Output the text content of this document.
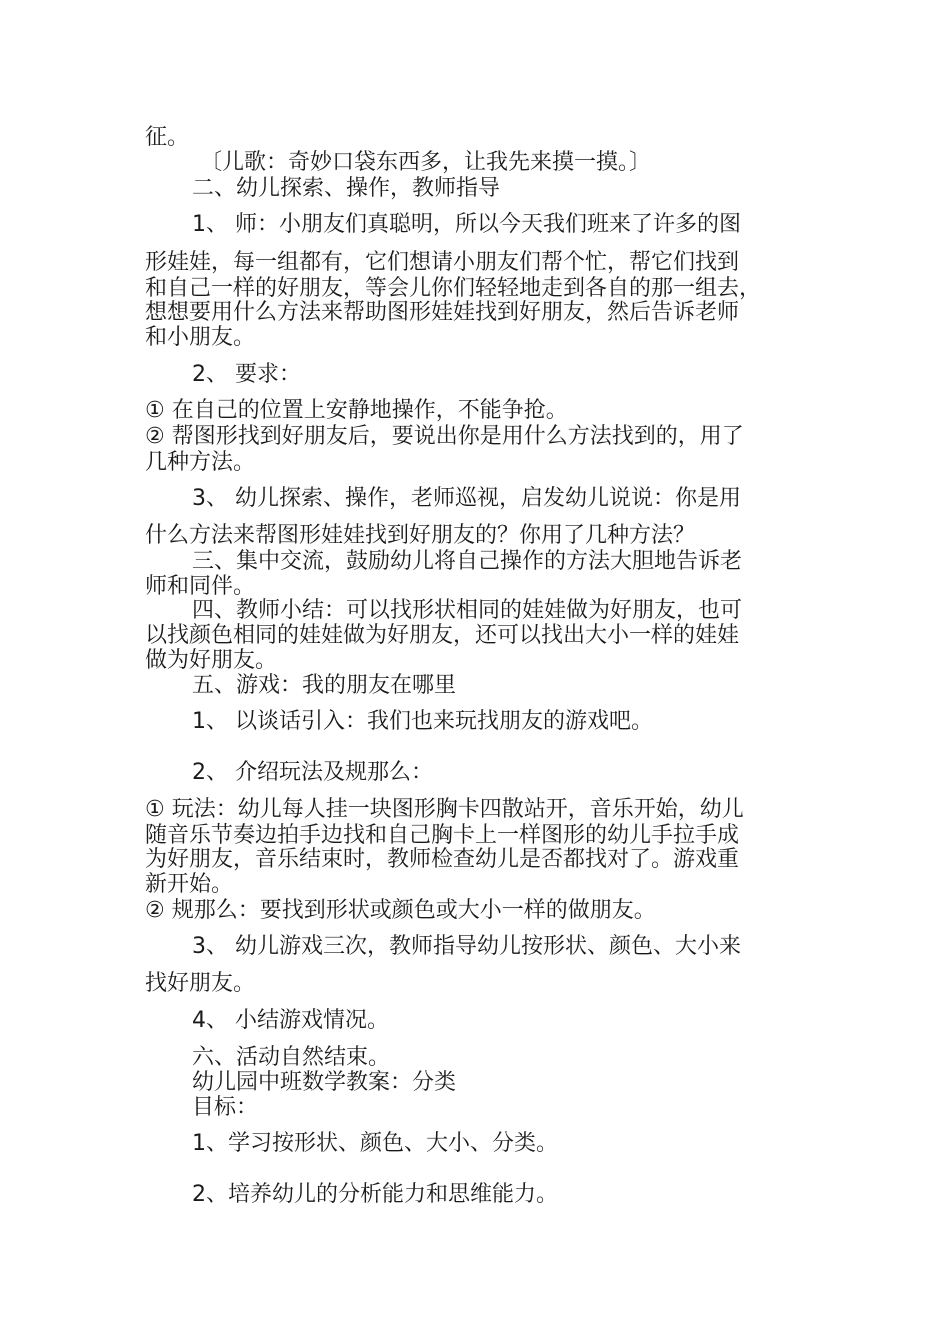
征。
〔儿歌：奇妙口袋东西多，让我先来摸一摸。〕
二、幼儿探索、操作，教师指导
1、 师：小朋友们真聪明，所以今天我们班来了许多的图
形娃娃，每一组都有，它们想请小朋友们帮个忙，帮它们找到
和自己一样的好朋友，等会儿你们轻轻地走到各自的那一组去，
想想要用什么方法来帮助图形娃娃找到好朋友，然后告诉老师
和小朋友。
2、 要求：
① 在自己的位置上安静地操作，不能争抢。
② 帮图形找到好朋友后，要说出你是用什么方法找到的，用了
几种方法。
3、 幼儿探索、操作，老师巡视，启发幼儿说说：你是用
什么方法来帮图形娃娃找到好朋友的？你用了几种方法？
三、集中交流，鼓励幼儿将自己操作的方法大胆地告诉老
师和同伴。
四、教师小结：可以找形状相同的娃娃做为好朋友，也可
以找颜色相同的娃娃做为好朋友，还可以找出大小一样的娃娃
做为好朋友。
五、游戏：我的朋友在哪里
1、 以谈话引入：我们也来玩找朋友的游戏吧。
2、 介绍玩法及规那么：
① 玩法：幼儿每人挂一块图形胸卡四散站开，音乐开始，幼儿
随音乐节奏边拍手边找和自己胸卡上一样图形的幼儿手拉手成
为好朋友，音乐结束时，教师检查幼儿是否都找对了。游戏重
新开始。
② 规那么：要找到形状或颜色或大小一样的做朋友。
3、 幼儿游戏三次，教师指导幼儿按形状、颜色、大小来
找好朋友。
4、 小结游戏情况。
六、活动自然结束。
幼儿园中班数学教案：分类
目标：
1、学习按形状、颜色、大小、分类。
2、培养幼儿的分析能力和思维能力。
